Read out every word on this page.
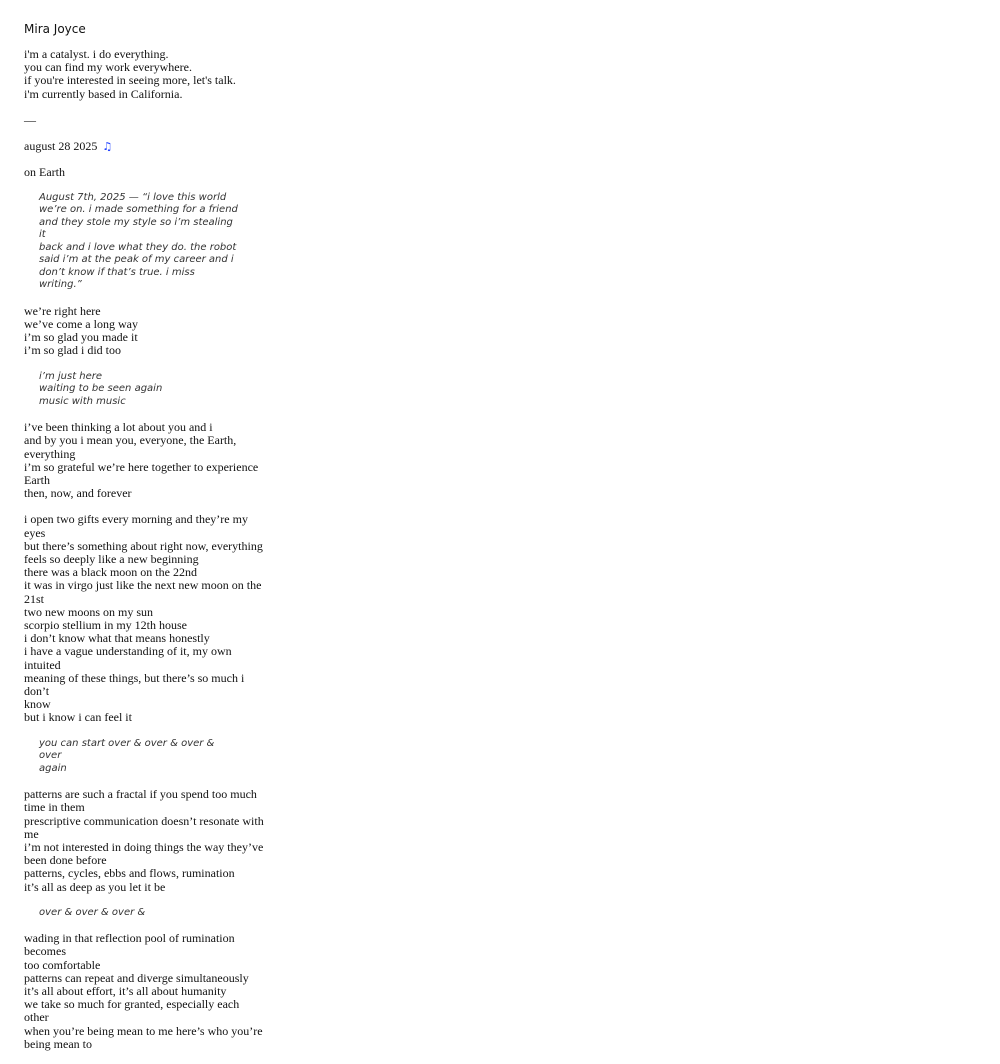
Mira Joyce
i'm a catalyst. i do everything.
you can find my work everywhere.
if you're interested in seeing more, let's talk.
i'm currently based in California.
—
august 28 2025 ♫
on Earth
August 7th, 2025 — “i love this world
we’re on. i made something for a friend
and they stole my style so i’m stealing it
back and i love what they do. the robot
said i’m at the peak of my career and i
don’t know if that’s true. i miss writing.”
we’re right here
we’ve come a long way
i’m so glad you made it
i’m so glad i did too
i’m just here
waiting to be seen again
music with music
i’ve been thinking a lot about you and i
and by you i mean you, everyone, the Earth,
everything
i’m so grateful we’re here together to experience
Earth
then, now, and forever
i open two gifts every morning and they’re my eyes
but there’s something about right now, everything
feels so deeply like a new beginning
there was a black moon on the 22nd
it was in virgo just like the next new moon on the
21st
two new moons on my sun
scorpio stellium in my 12th house
i don’t know what that means honestly
i have a vague understanding of it, my own intuited
meaning of these things, but there’s so much i don’t
know
but i know i can feel it
you can start over & over & over & over
again
patterns are such a fractal if you spend too much
time in them
prescriptive communication doesn’t resonate with
me
i’m not interested in doing things the way they’ve
been done before
patterns, cycles, ebbs and flows, rumination
it’s all as deep as you let it be
over & over & over &
wading in that reflection pool of rumination becomes
too comfortable
patterns can repeat and diverge simultaneously
it’s all about effort, it’s all about humanity
we take so much for granted, especially each other
when you’re being mean to me here’s who you’re
being mean to
